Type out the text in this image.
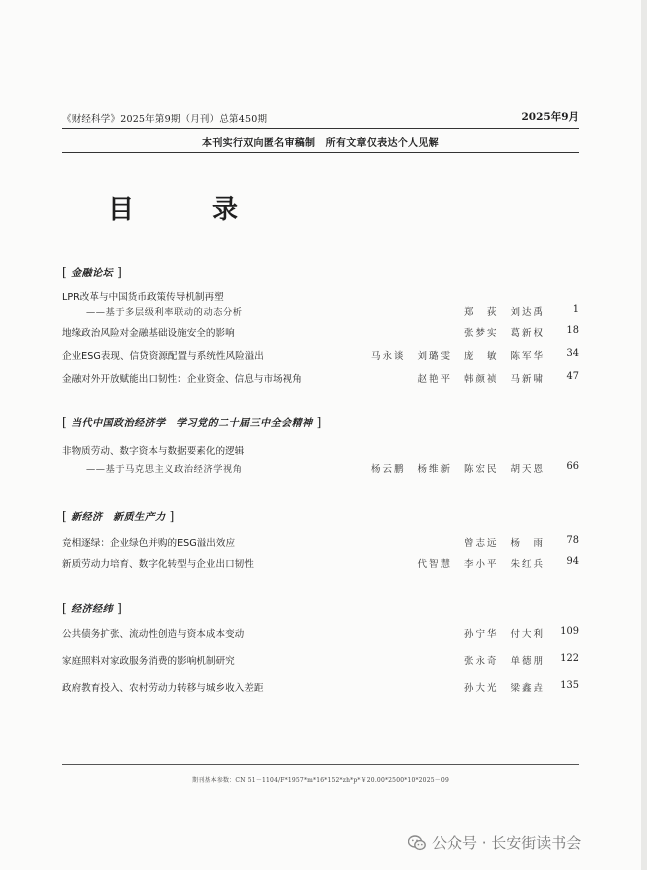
《财经科学》2025年第9期（月刊）总第450期	2025年9月
本刊实行双向匿名审稿制　所有文章仅表达个人见解
目　录
[ 金融论坛 ]
LPR改革与中国货币政策传导机制再塑
——基于多层级利率联动的动态分析	郑　荻 刘达禹	1
地缘政治风险对金融基础设施安全的影响	张梦实 葛新权	18
企业ESG表现、信贷资源配置与系统性风险溢出	马永谈 刘璐雯 庞　敏 陈军华	34
金融对外开放赋能出口韧性：企业资金、信息与市场视角	赵艳平 韩颜祯 马新啸	47
[ 当代中国政治经济学　学习党的二十届三中全会精神 ]
非物质劳动、数字资本与数据要素化的逻辑
——基于马克思主义政治经济学视角	杨云鹏 杨维新 陈宏民 胡天恩	66
[ 新经济　新质生产力 ]
竞相逐绿：企业绿色并购的ESG溢出效应	曾志远 杨　雨	78
新质劳动力培育、数字化转型与企业出口韧性	代智慧 李小平 朱红兵	94
[ 经济经纬 ]
公共债务扩张、流动性创造与资本成本变动	孙宁华 付大利	109
家庭照料对家政服务消费的影响机制研究	张永奇 单德朋	122
政府教育投入、农村劳动力转移与城乡收入差距	孙大光 梁鑫垚	135
期刊基本参数：CN 51－1104/F*1957*m*16*152*zh*p*￥20.00*2500*10*2025－09
公众号 · 长安街读书会
